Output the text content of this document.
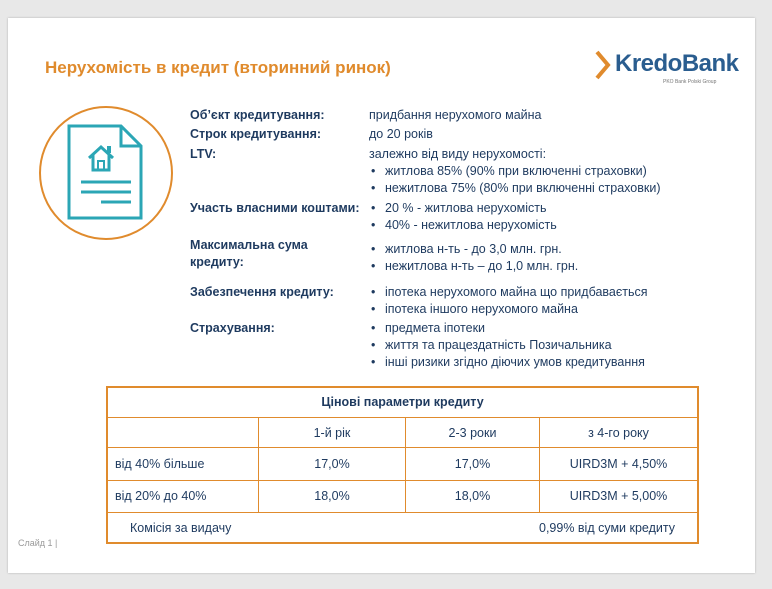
Нерухомість в кредит (вторинний ринок)	KredoBank
PKO Bank Polski Group
Об’єкт кредитування:	придбання нерухомого майна
Строк кредитування:	до 20 років
LTV:	залежно від виду нерухомості:
• житлова 85% (90% при включенні страховки)
• нежитлова 75% (80% при включенні страховки)
Участь власними коштами:	• 20 % - житлова нерухомість
• 40% - нежитлова нерухомість
Максимальна сума
кредиту:
• житлова н-ть - до 3,0 млн. грн.
• нежитлова н-ть – до 1,0 млн. грн.
Забезпечення кредиту:	• іпотека нерухомого майна що придбавається
• іпотека іншого нерухомого майна
Страхування:	• предмета іпотеки
• життя та працездатність Позичальника
• інші ризики згідно діючих умов кредитування
Цінові параметри кредиту			
	1-й рік	2-3 роки	з 4-го року
від 40% більше	17,0%	17,0%	UIRD3M + 4,50%
від 20% до 40%	18,0%	18,0%	UIRD3M + 5,00%
Комісія за видачу 0,99% від суми кредиту			
Слайд 1 |
